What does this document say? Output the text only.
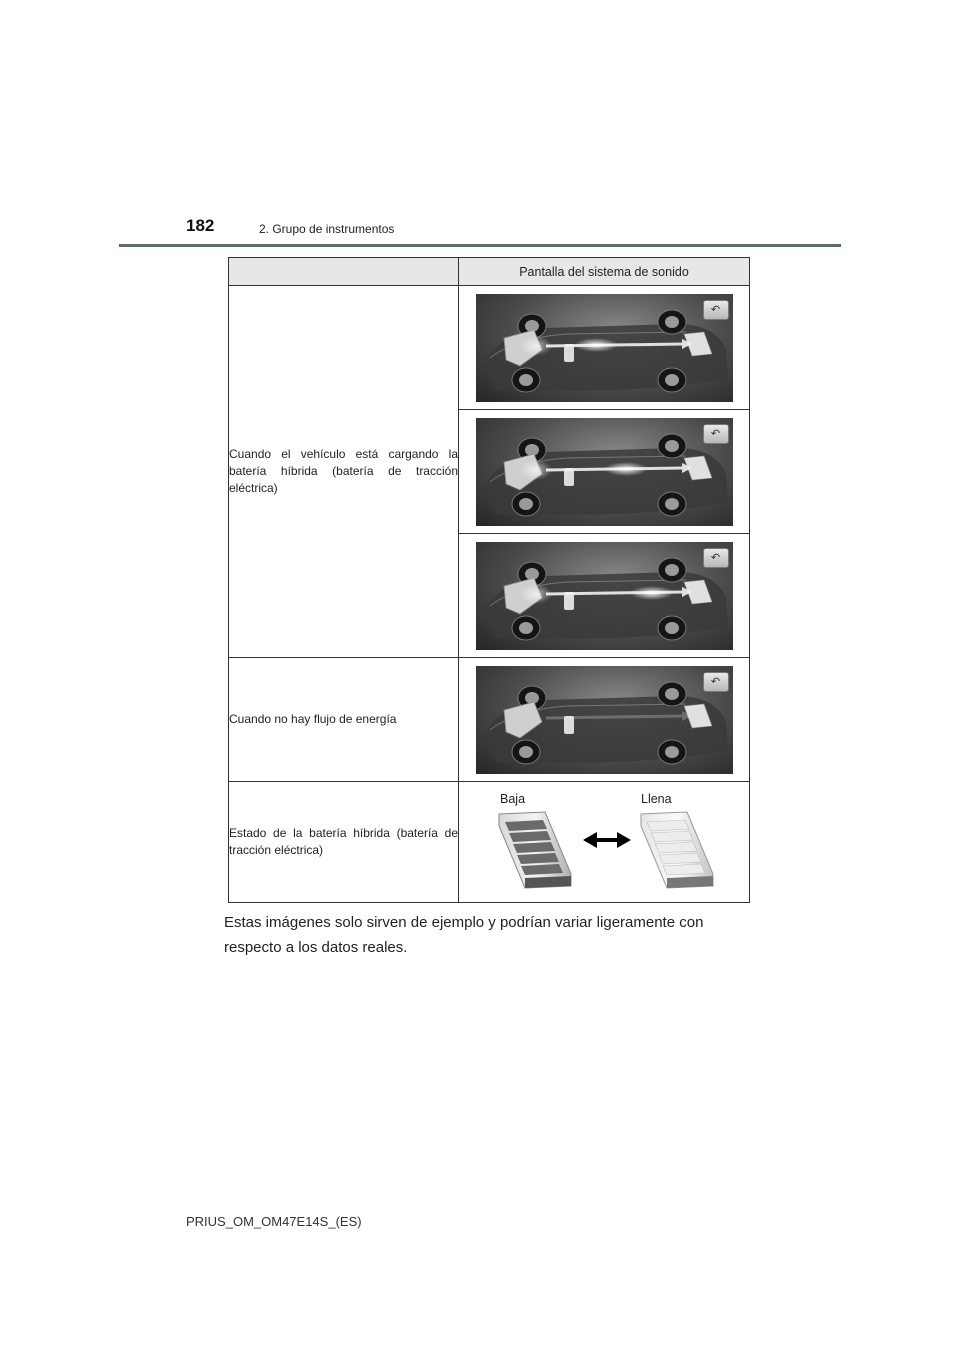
182	2. Grupo de instrumentos
	Pantalla del sistema de sonido
Cuando el vehículo está cargando la batería híbrida (batería de tracción eléctrica)	↶

	↶

	↶

Cuando no hay flujo de energía	↶

Estado de la batería híbrida (batería de tracción eléctrica)	Baja Llena
Estas imágenes solo sirven de ejemplo y podrían variar ligeramente con respecto a los datos reales.
PRIUS_OM_OM47E14S_(ES)
